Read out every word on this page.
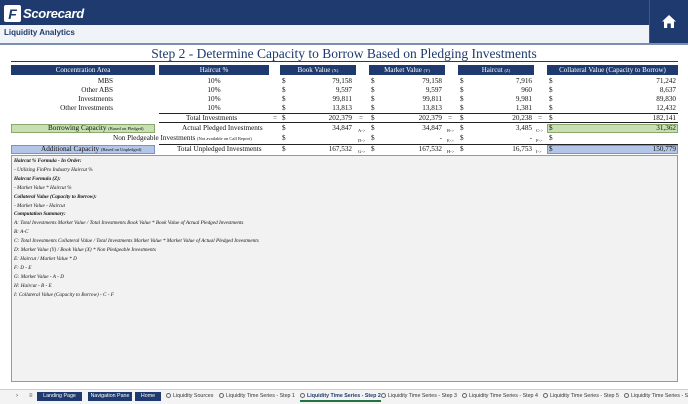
F Scorecard
Liquidity Analytics
Step 2 - Determine Capacity to Borrow Based on Pledging Investments
Concentration Area	Haircut %	Book Value (X)	Market Value (Y)	Haircut (Z)	Collateral Value (Capacity to Borrow)
MBS	10%	$	79,158	$	79,158	$	7,916 $	71,242
Other ABS	10%	$	9,597	$	9,597	$	960 $	8,637
Investments	10%	$	99,811	$	99,811	$	9,981 $	89,830
Other Investments	10%	$	13,813	$	13,813	$	1,381 $	12,432
Total Investments	= $	202,379 = $	202,379 = $	20,238 = $	182,141
Borrowing Capacity (Based on Pledged)	Actual Pledged Investments	$	34,847 A-> $	34,847 B-> $	3,485 C-> $	31,362
Non Pledgeable Investments (Not available on Call Report)	$	D-> $	- E-> $	- F-> $
Additional Capacity (Based on Unpledged)	Total Unpledged Investments	$	167,532 G-> $	167,532 H-> $	16,753 I-> $	150,779
Haircut % Formula - In Order:
- Utilizing FinPro Industry Haircut %
Haircut Formula (Z):
- Market Value * Haircut %
Collateral Value (Capacity to Borrow):
- Market Value - Haircut
Computation Summary:
A: Total Investments Market Value / Total Investments Book Value * Book Value of Actual Pledged Investments
B: A-C
C: Total Investments Collateral Value / Total Investments Market Value * Market Value of Actual Pledged Investments
D: Market Value (Y) / Book Value (X) * Non Pledgeable Investments
E: Haircut / Market Value * D
F: D - E
G: Market Value - A - D
H: Haircut - B - E
I: Collateral Value (Capacity to Borrow) - C - F
› ≡	Landing Page	Navigation Pane	Home	Liquidity Sources	Liquidity Time Series - Step 1	Liquidity Time Series - Step 2	Liquidity Time Series - Step 3	Liquidity Time Series - Step 4	Liquidity Time Series - Step 5	Liquidity Time Series - S
